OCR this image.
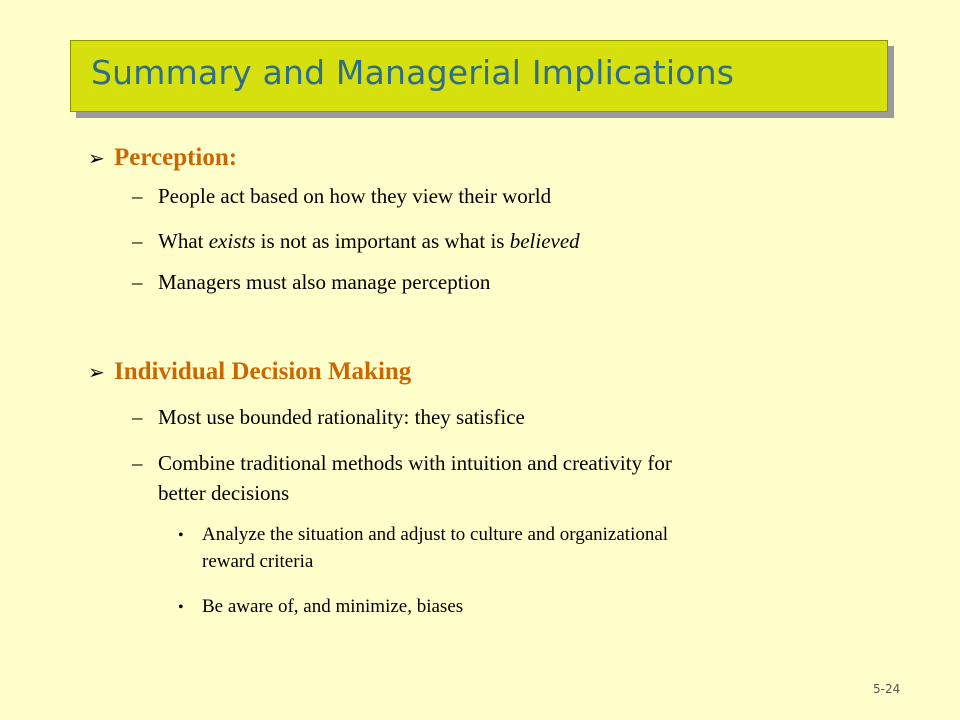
Summary and Managerial Implications
➢ Perception:
– People act based on how they view their world
– What exists is not as important as what is believed
– Managers must also manage perception
➢ Individual Decision Making
– Most use bounded rationality: they satisfice
– Combine traditional methods with intuition and creativity for
better decisions
• Analyze the situation and adjust to culture and organizational
reward criteria
• Be aware of, and minimize, biases
5-24
